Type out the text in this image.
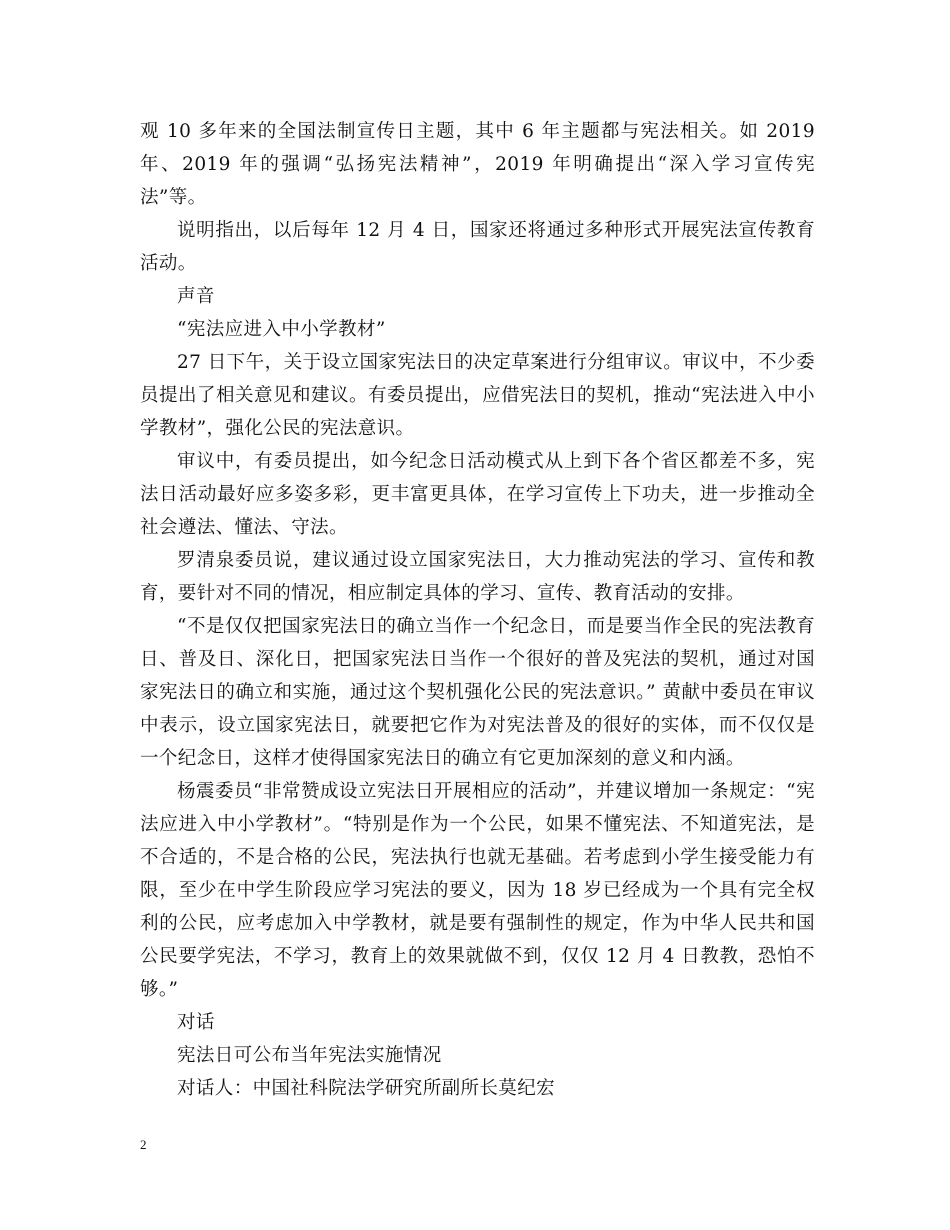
观 10 多年来的全国法制宣传日主题，其中 6 年主题都与宪法相关。如 2019 年、2019 年的强调“弘扬宪法精神”，2019 年明确提出“深入学习宣传宪法”等。

说明指出，以后每年 12 月 4 日，国家还将通过多种形式开展宪法宣传教育活动。

声音

“宪法应进入中小学教材”

27 日下午，关于设立国家宪法日的决定草案进行分组审议。审议中，不少委员提出了相关意见和建议。有委员提出，应借宪法日的契机，推动“宪法进入中小学教材”，强化公民的宪法意识。

审议中，有委员提出，如今纪念日活动模式从上到下各个省区都差不多，宪法日活动最好应多姿多彩，更丰富更具体，在学习宣传上下功夫，进一步推动全社会遵法、懂法、守法。

罗清泉委员说，建议通过设立国家宪法日，大力推动宪法的学习、宣传和教育，要针对不同的情况，相应制定具体的学习、宣传、教育活动的安排。

“不是仅仅把国家宪法日的确立当作一个纪念日，而是要当作全民的宪法教育日、普及日、深化日，把国家宪法日当作一个很好的普及宪法的契机，通过对国家宪法日的确立和实施，通过这个契机强化公民的宪法意识。” 黄献中委员在审议中表示，设立国家宪法日，就要把它作为对宪法普及的很好的实体，而不仅仅是一个纪念日，这样才使得国家宪法日的确立有它更加深刻的意义和内涵。

杨震委员“非常赞成设立宪法日开展相应的活动”，并建议增加一条规定：“宪法应进入中小学教材”。“特别是作为一个公民，如果不懂宪法、不知道宪法，是不合适的，不是合格的公民，宪法执行也就无基础。若考虑到小学生接受能力有限，至少在中学生阶段应学习宪法的要义，因为 18 岁已经成为一个具有完全权利的公民，应考虑加入中学教材，就是要有强制性的规定，作为中华人民共和国公民要学宪法，不学习，教育上的效果就做不到，仅仅 12 月 4 日教教，恐怕不够。”

对话

宪法日可公布当年宪法实施情况

对话人：中国社科院法学研究所副所长莫纪宏

2
